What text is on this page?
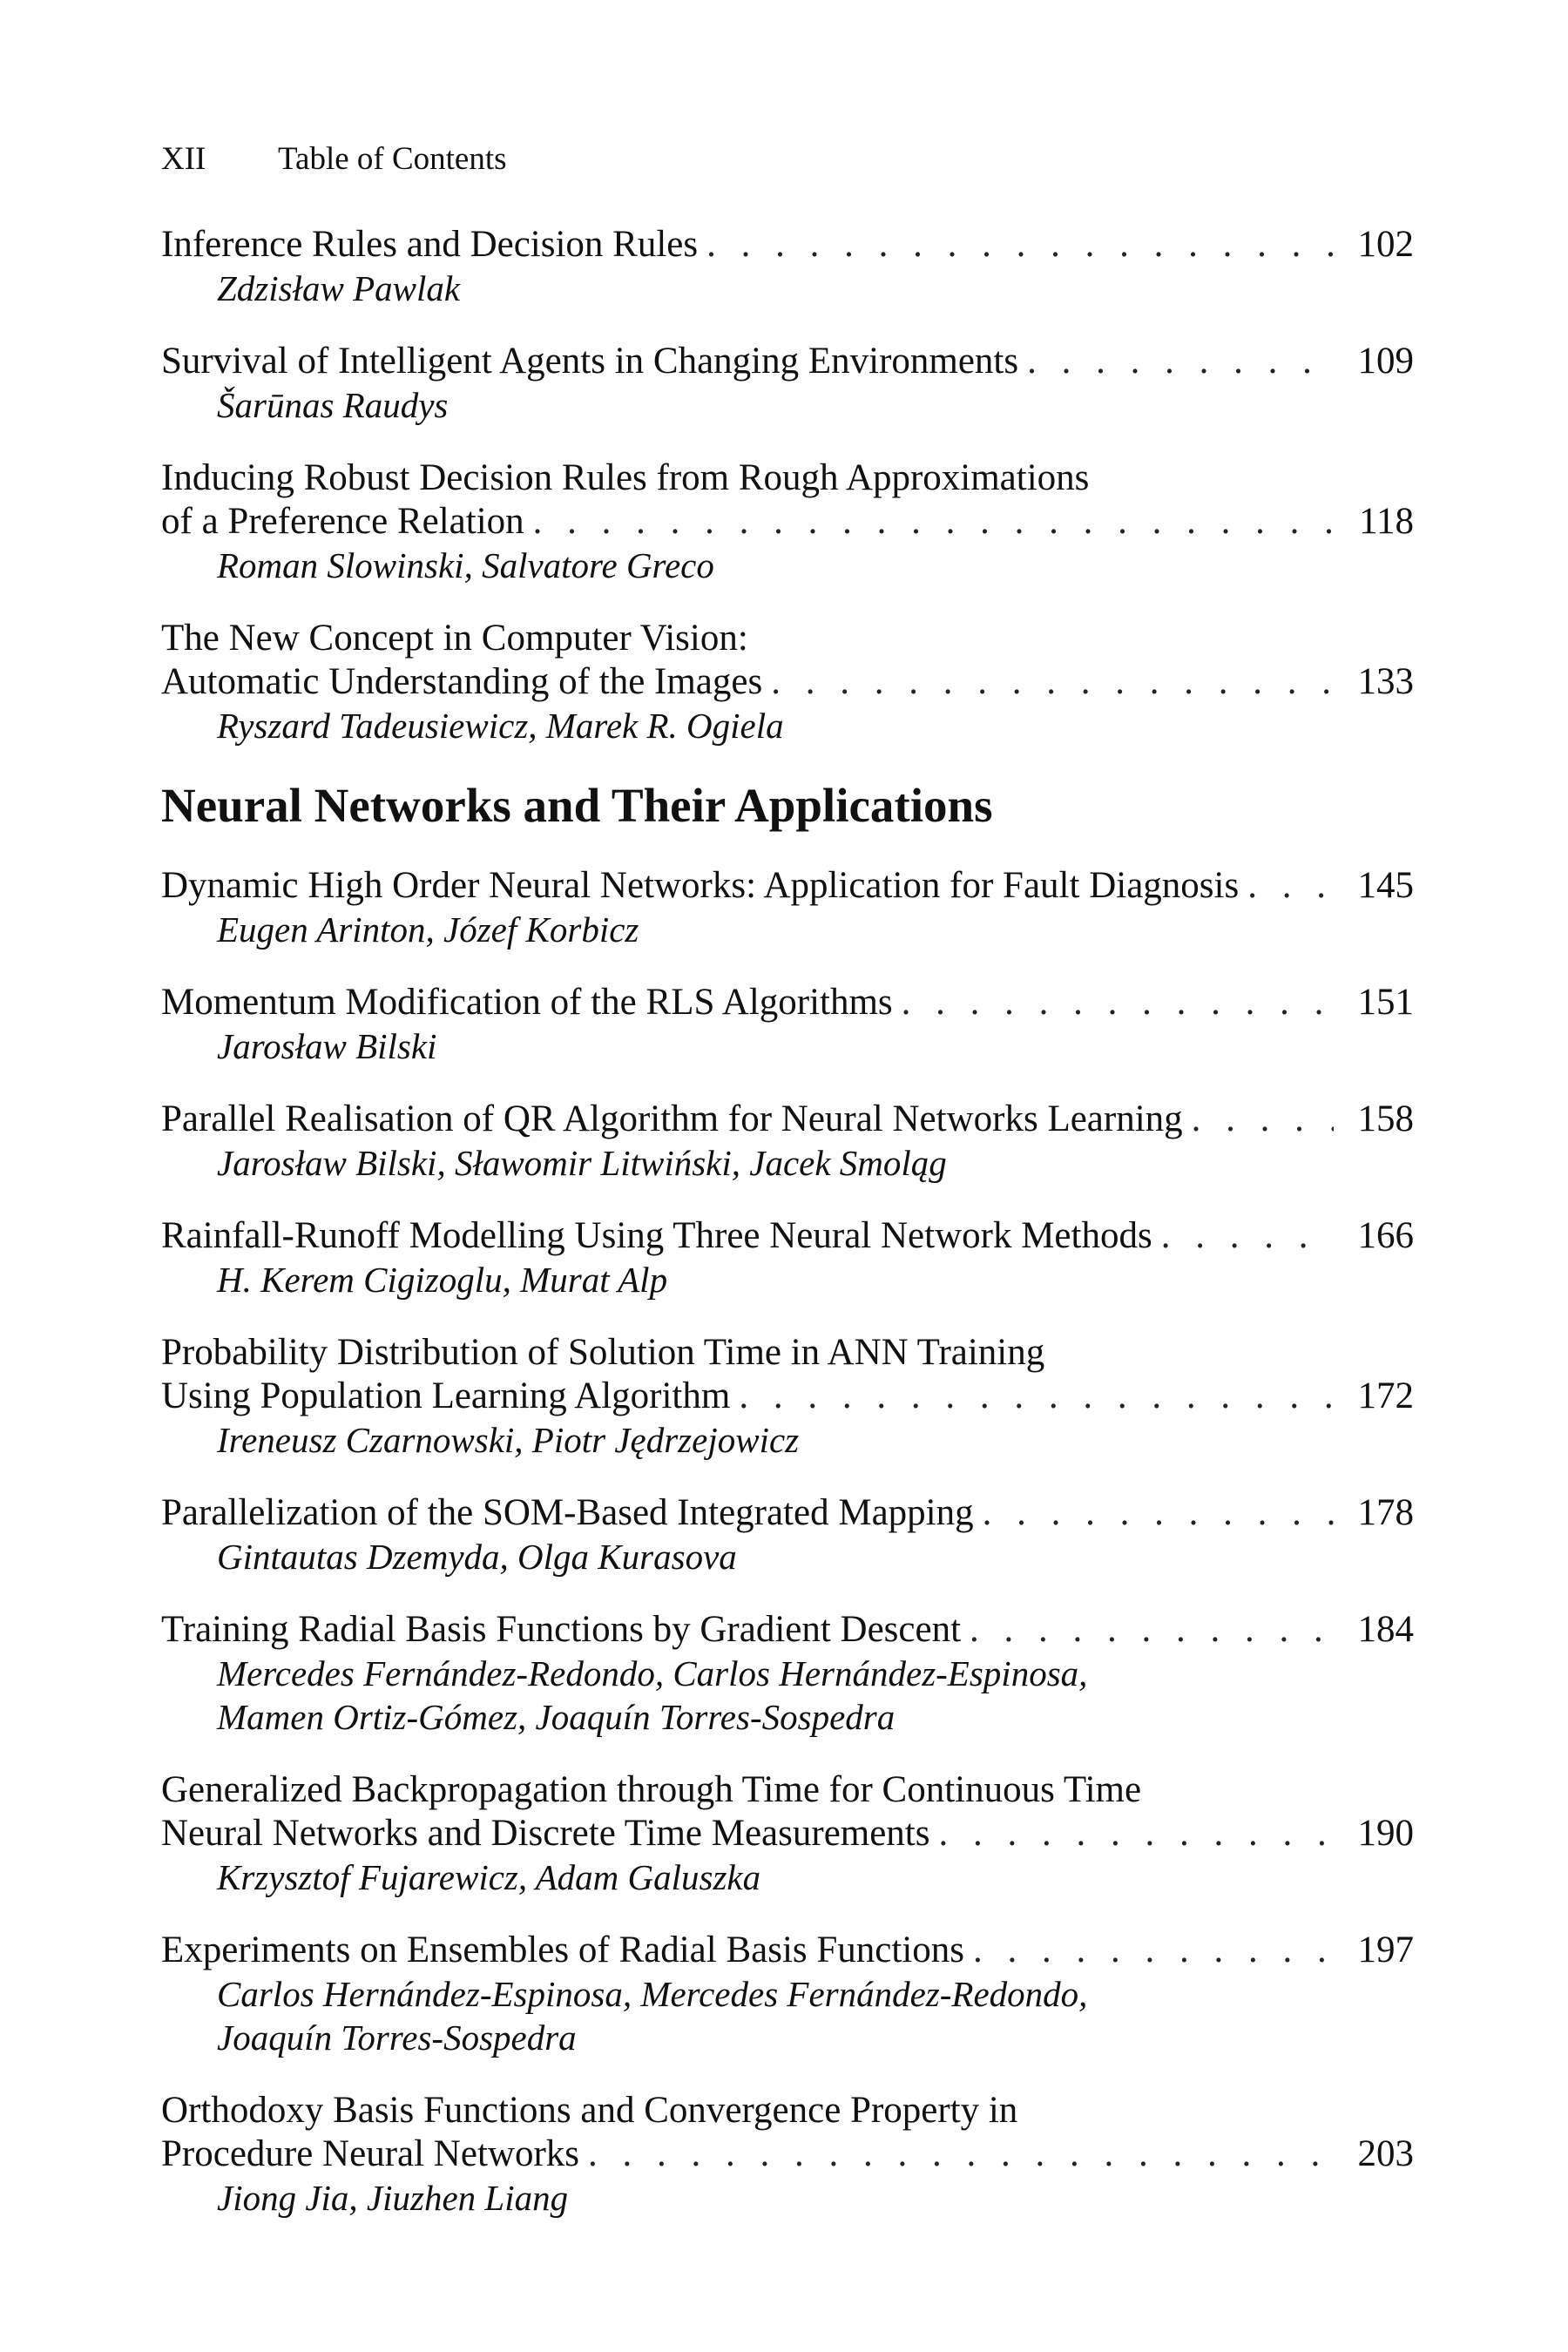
XII Table of Contents
Inference Rules and Decision Rules . . .	102
Zdzisław Pawlak
Survival of Intelligent Agents in Changing Environments . . .	109
Šarūnas Raudys
Inducing Robust Decision Rules from Rough Approximations
of a Preference Relation . . .	118
Roman Slowinski, Salvatore Greco
The New Concept in Computer Vision:
Automatic Understanding of the Images . . .	133
Ryszard Tadeusiewicz, Marek R. Ogiela
Neural Networks and Their Applications
Dynamic High Order Neural Networks: Application for Fault Diagnosis . . .	145
Eugen Arinton, Józef Korbicz
Momentum Modification of the RLS Algorithms . . .	151
Jarosław Bilski
Parallel Realisation of QR Algorithm for Neural Networks Learning . . .	158
Jarosław Bilski, Sławomir Litwiński, Jacek Smoląg
Rainfall-Runoff Modelling Using Three Neural Network Methods . . .	166
H. Kerem Cigizoglu, Murat Alp
Probability Distribution of Solution Time in ANN Training
Using Population Learning Algorithm . . .	172
Ireneusz Czarnowski, Piotr Jędrzejowicz
Parallelization of the SOM-Based Integrated Mapping . . .	178
Gintautas Dzemyda, Olga Kurasova
Training Radial Basis Functions by Gradient Descent . . .	184
Mercedes Fernández-Redondo, Carlos Hernández-Espinosa,
Mamen Ortiz-Gómez, Joaquín Torres-Sospedra
Generalized Backpropagation through Time for Continuous Time
Neural Networks and Discrete Time Measurements . . .	190
Krzysztof Fujarewicz, Adam Galuszka
Experiments on Ensembles of Radial Basis Functions . . .	197
Carlos Hernández-Espinosa, Mercedes Fernández-Redondo,
Joaquín Torres-Sospedra
Orthodoxy Basis Functions and Convergence Property in
Procedure Neural Networks . . .	203
Jiong Jia, Jiuzhen Liang
